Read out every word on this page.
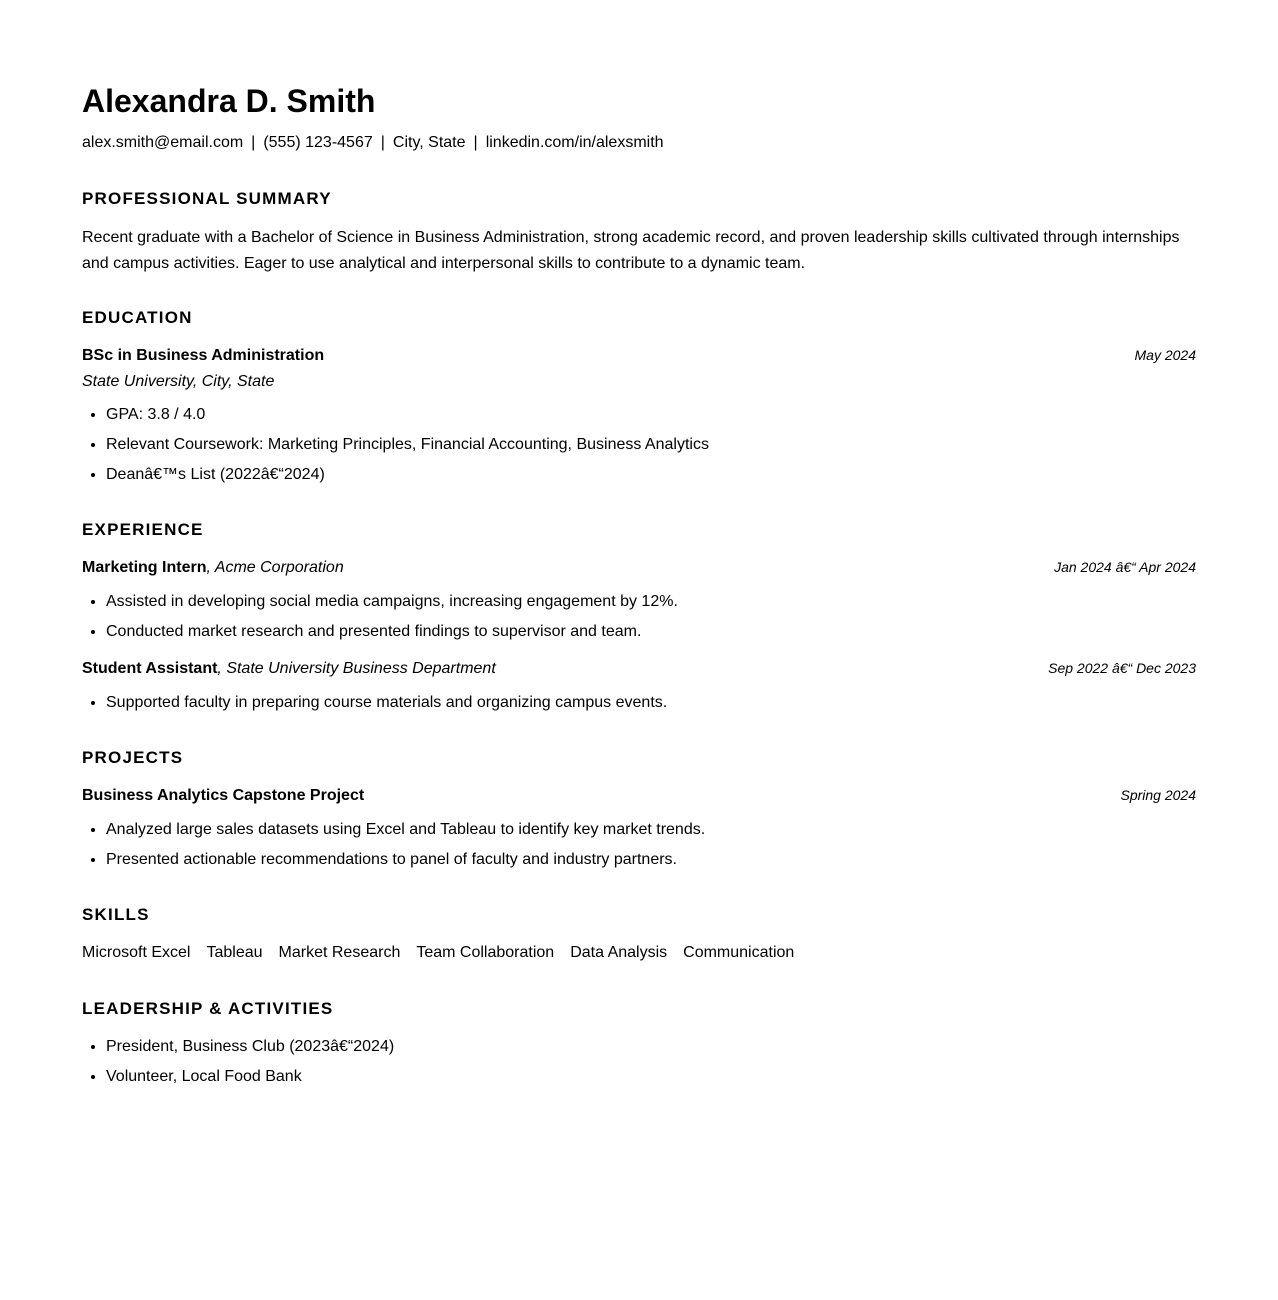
Alexandra D. Smith
alex.smith@email.com | (555) 123-4567 | City, State | linkedin.com/in/alexsmith
PROFESSIONAL SUMMARY

Recent graduate with a Bachelor of Science in Business Administration, strong academic record, and proven leadership skills cultivated through internships and campus activities. Eager to use analytical and interpersonal skills to contribute to a dynamic team.

EDUCATION
BSc in Business Administration	May 2024
State University, City, State
• GPA: 3.8 / 4.0
• Relevant Coursework: Marketing Principles, Financial Accounting, Business Analytics
• Deanâ€™s List (2022â€“2024)
EXPERIENCE
Marketing Intern, Acme Corporation	Jan 2024 â€“ Apr 2024
• Assisted in developing social media campaigns, increasing engagement by 12%.
• Conducted market research and presented findings to supervisor and team.
Student Assistant, State University Business Department	Sep 2022 â€“ Dec 2023
• Supported faculty in preparing course materials and organizing campus events.
PROJECTS
Business Analytics Capstone Project	Spring 2024
• Analyzed large sales datasets using Excel and Tableau to identify key market trends.
• Presented actionable recommendations to panel of faculty and industry partners.
SKILLS
Microsoft Excel Tableau Market Research Team Collaboration Data Analysis Communication
LEADERSHIP & ACTIVITIES
• President, Business Club (2023â€“2024)
• Volunteer, Local Food Bank
